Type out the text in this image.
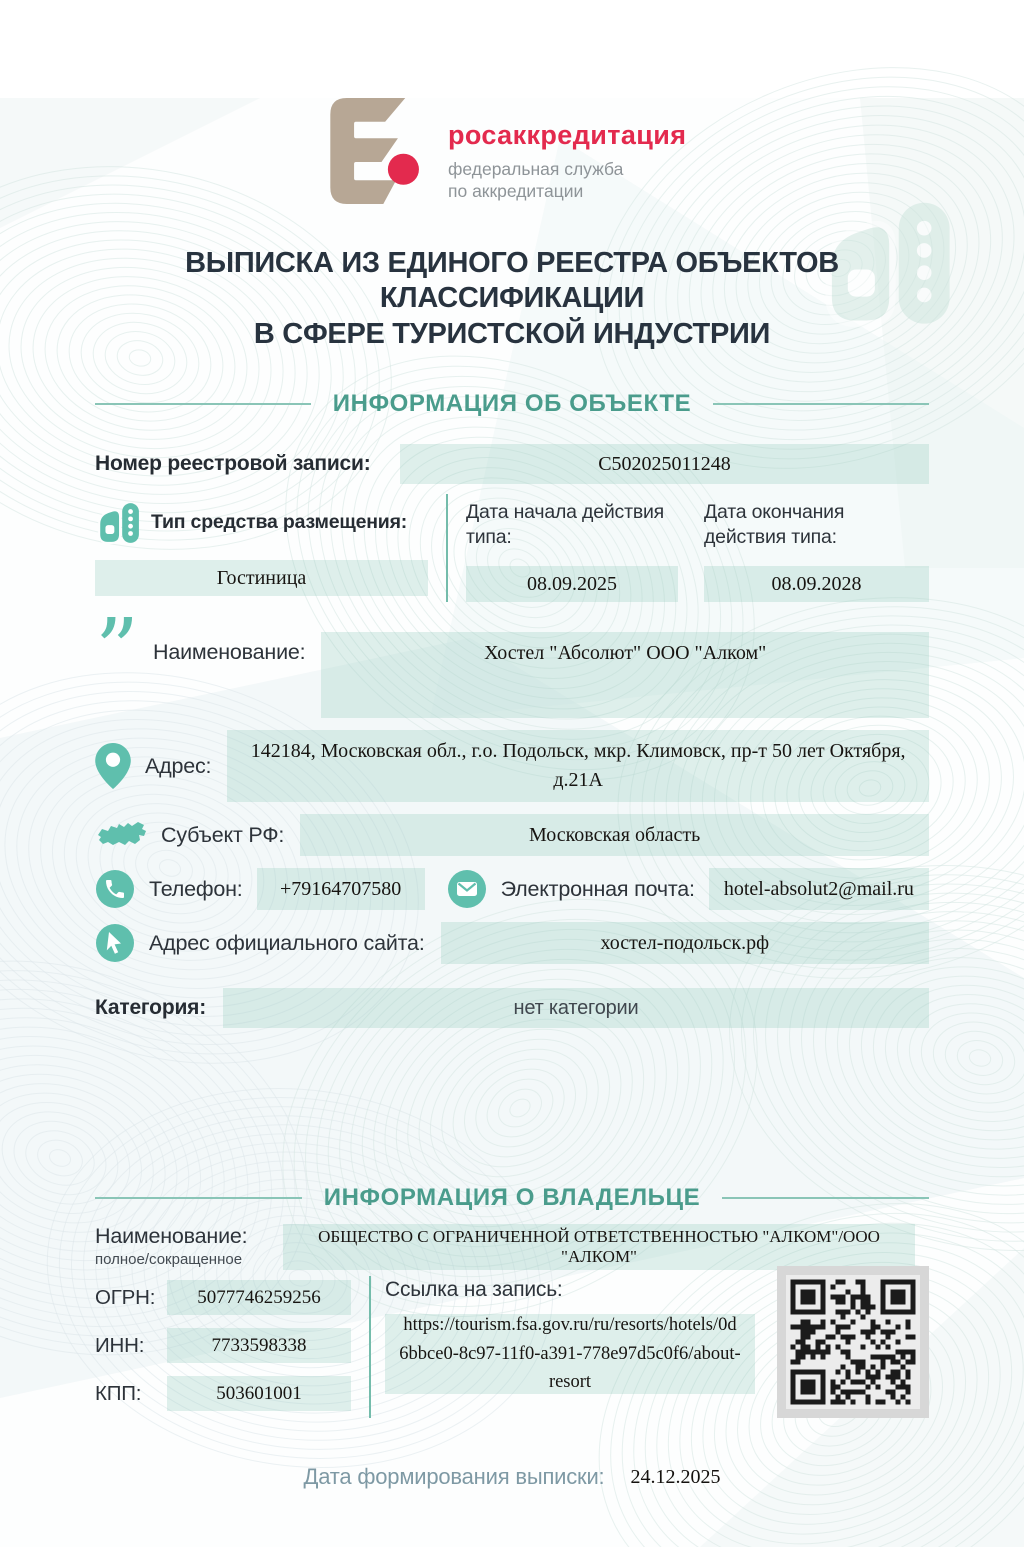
росаккредитация
федеральная служба
по аккредитации
ВЫПИСКА ИЗ ЕДИНОГО РЕЕСТРА ОБЪЕКТОВ КЛАССИФИКАЦИИ
В СФЕРЕ ТУРИСТСКОЙ ИНДУСТРИИ
ИНФОРМАЦИЯ ОБ ОБЪЕКТЕ
Номер реестровой записи:	С502025011248
Тип средства размещения:
Гостиница
Дата начала действия типа:
08.09.2025
Дата окончания действия типа:
08.09.2028
” Наименование:	Хостел "Абсолют" ООО "Алком"
Адрес:
142184, Московская обл., г.о. Подольск, мкр. Климовск, пр-т 50 лет Октября, д.21А
Субъект РФ:	Московская область
Телефон:	+79164707580	Электронная почта:	hotel-absolut2@mail.ru
Адрес официального сайта:	хостел-подольск.рф
Категория:	нет категории
ИНФОРМАЦИЯ О ВЛАДЕЛЬЦЕ
Наименование:
полное/сокращенное
ОБЩЕСТВО С ОГРАНИЧЕННОЙ ОТВЕТСТВЕННОСТЬЮ "АЛКОМ"/ООО "АЛКОМ"
ОГРН:	5077746259256
ИНН:	7733598338
КПП:	503601001
Ссылка на запись:
https://tourism.fsa.gov.ru/ru/resorts/hotels/0d6bbce0-8c97-11f0-a391-778e97d5c0f6/about-resort
Дата формирования выписки: 24.12.2025
